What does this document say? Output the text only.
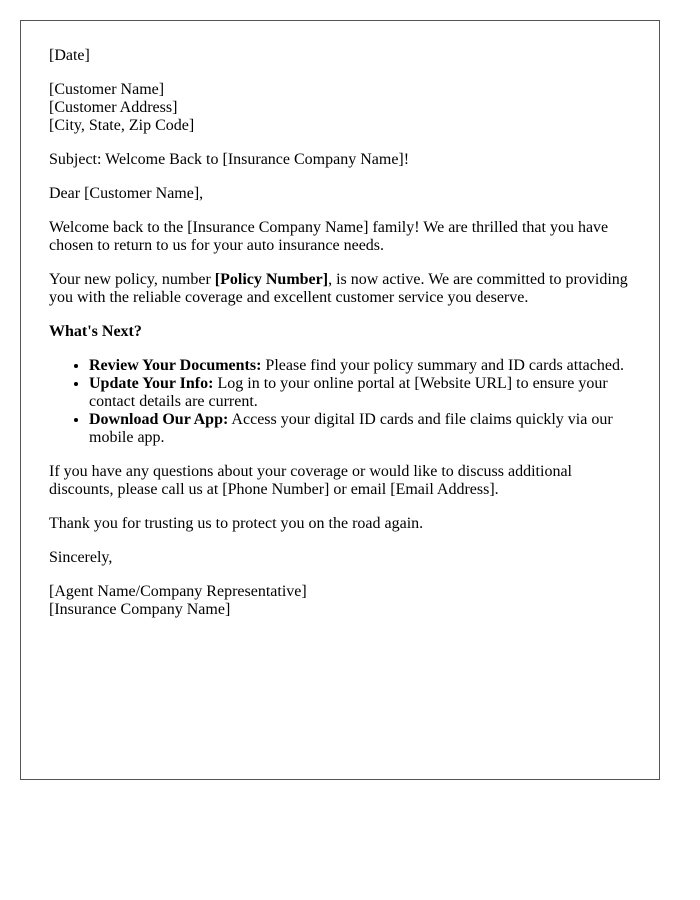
[Date]

[Customer Name]
[Customer Address]
[City, State, Zip Code]

Subject: Welcome Back to [Insurance Company Name]!

Dear [Customer Name],

Welcome back to the [Insurance Company Name] family! We are thrilled that you have chosen to return to us for your auto insurance needs.

Your new policy, number [Policy Number], is now active. We are committed to providing you with the reliable coverage and excellent customer service you deserve.

What's Next?

• Review Your Documents: Please find your policy summary and ID cards attached.
• Update Your Info: Log in to your online portal at [Website URL] to ensure your contact details are current.
• Download Our App: Access your digital ID cards and file claims quickly via our mobile app.

If you have any questions about your coverage or would like to discuss additional discounts, please call us at [Phone Number] or email [Email Address].

Thank you for trusting us to protect you on the road again.

Sincerely,

[Agent Name/Company Representative]
[Insurance Company Name]
